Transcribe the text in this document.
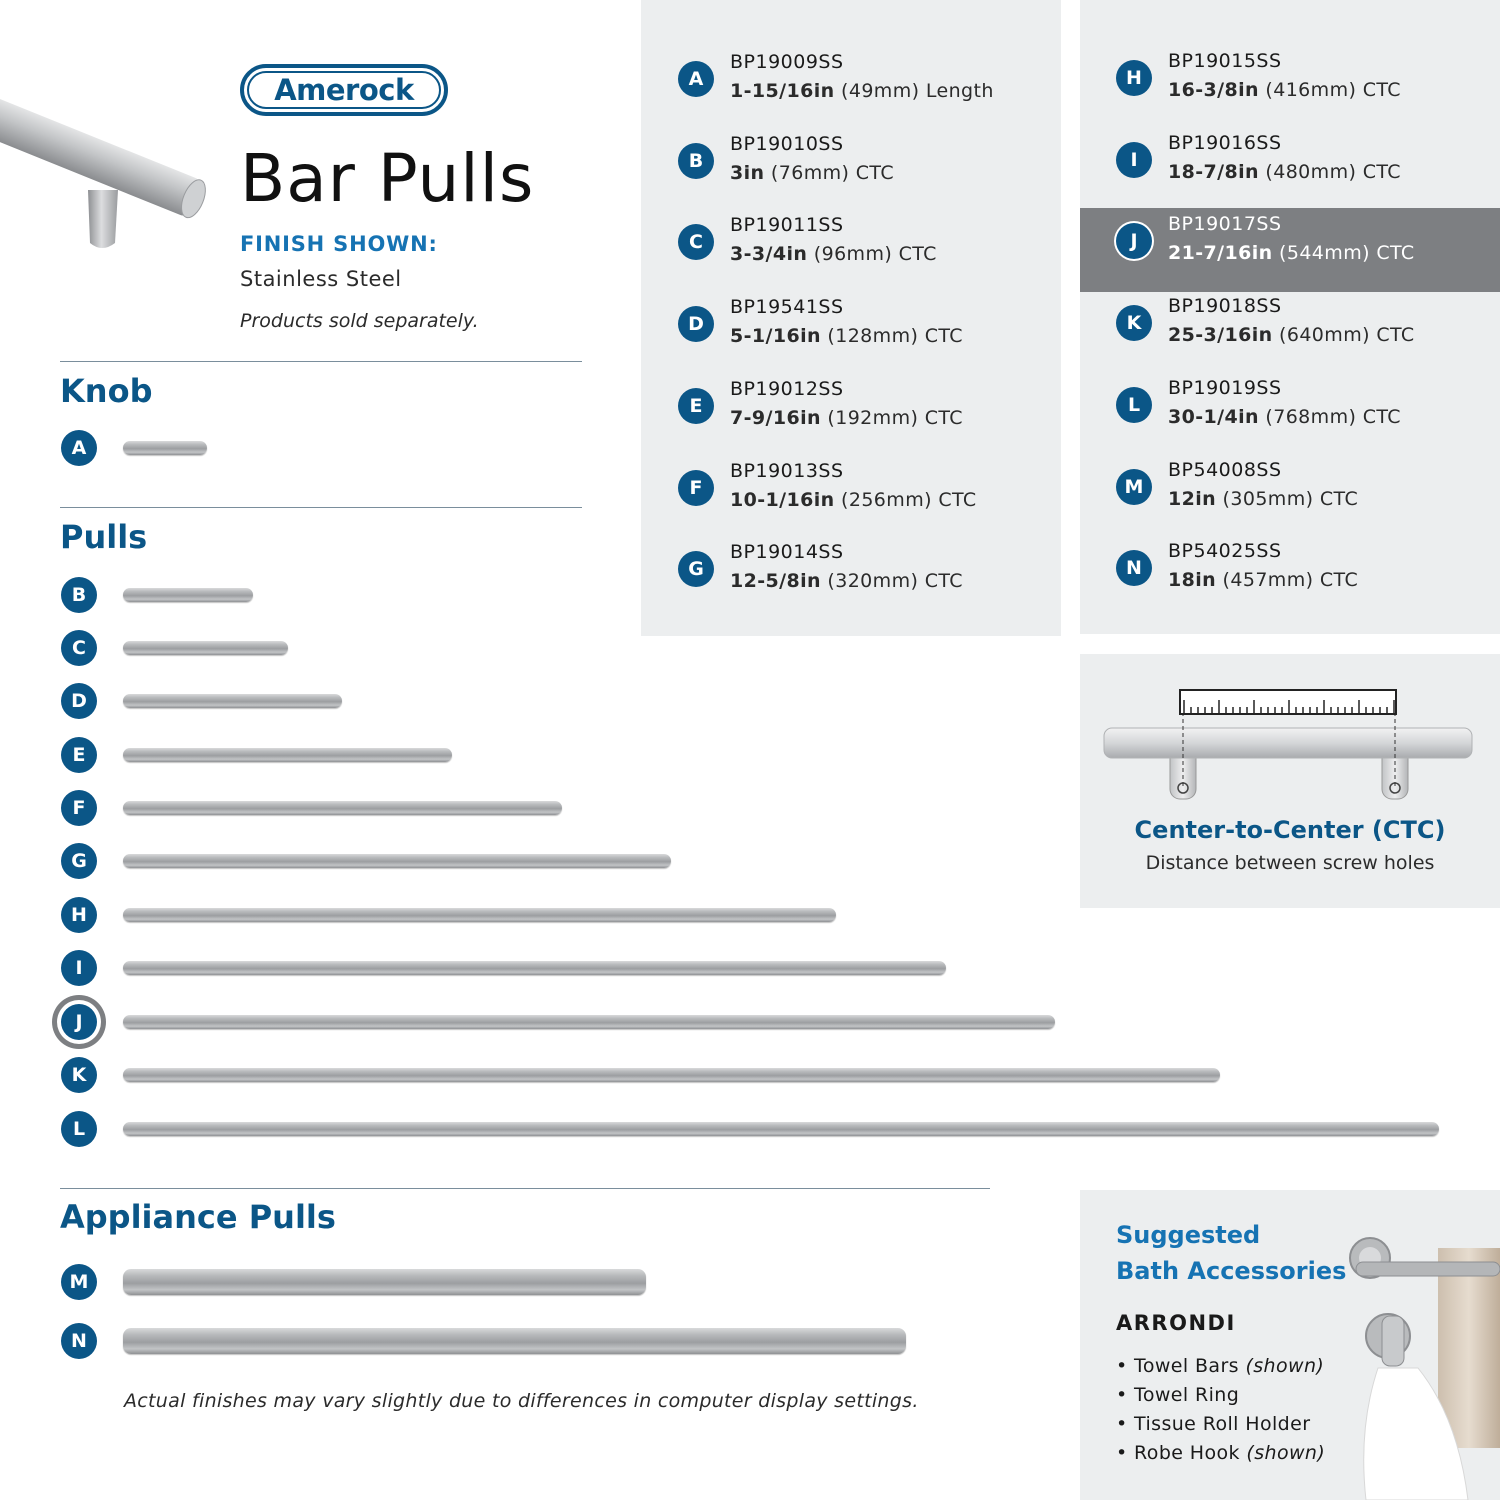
Amerock
Bar Pulls
FINISH SHOWN:
Stainless Steel
Products sold separately.
Knob
Pulls
Appliance Pulls
A
B
C
D
E
F
G
H
I
J
K
L
M
N
A
BP19009SS
1-15/16in (49mm) Length
B
BP19010SS
3in (76mm) CTC
C
BP19011SS
3-3/4in (96mm) CTC
D
BP19541SS
5-1/16in (128mm) CTC
E
BP19012SS
7-9/16in (192mm) CTC
F
BP19013SS
10-1/16in (256mm) CTC
G
BP19014SS
12-5/8in (320mm) CTC
H
BP19015SS
16-3/8in (416mm) CTC
I
BP19016SS
18-7/8in (480mm) CTC
J
BP19017SS
21-7/16in (544mm) CTC
K
BP19018SS
25-3/16in (640mm) CTC
L
BP19019SS
30-1/4in (768mm) CTC
M
BP54008SS
12in (305mm) CTC
N
BP54025SS
18in (457mm) CTC
Center-to-Center (CTC)
Distance between screw holes
Suggested
Bath Accessories
ARRONDI
• Towel Bars (shown)
• Towel Ring
• Tissue Roll Holder
• Robe Hook (shown)
Actual finishes may vary slightly due to differences in computer display settings.
